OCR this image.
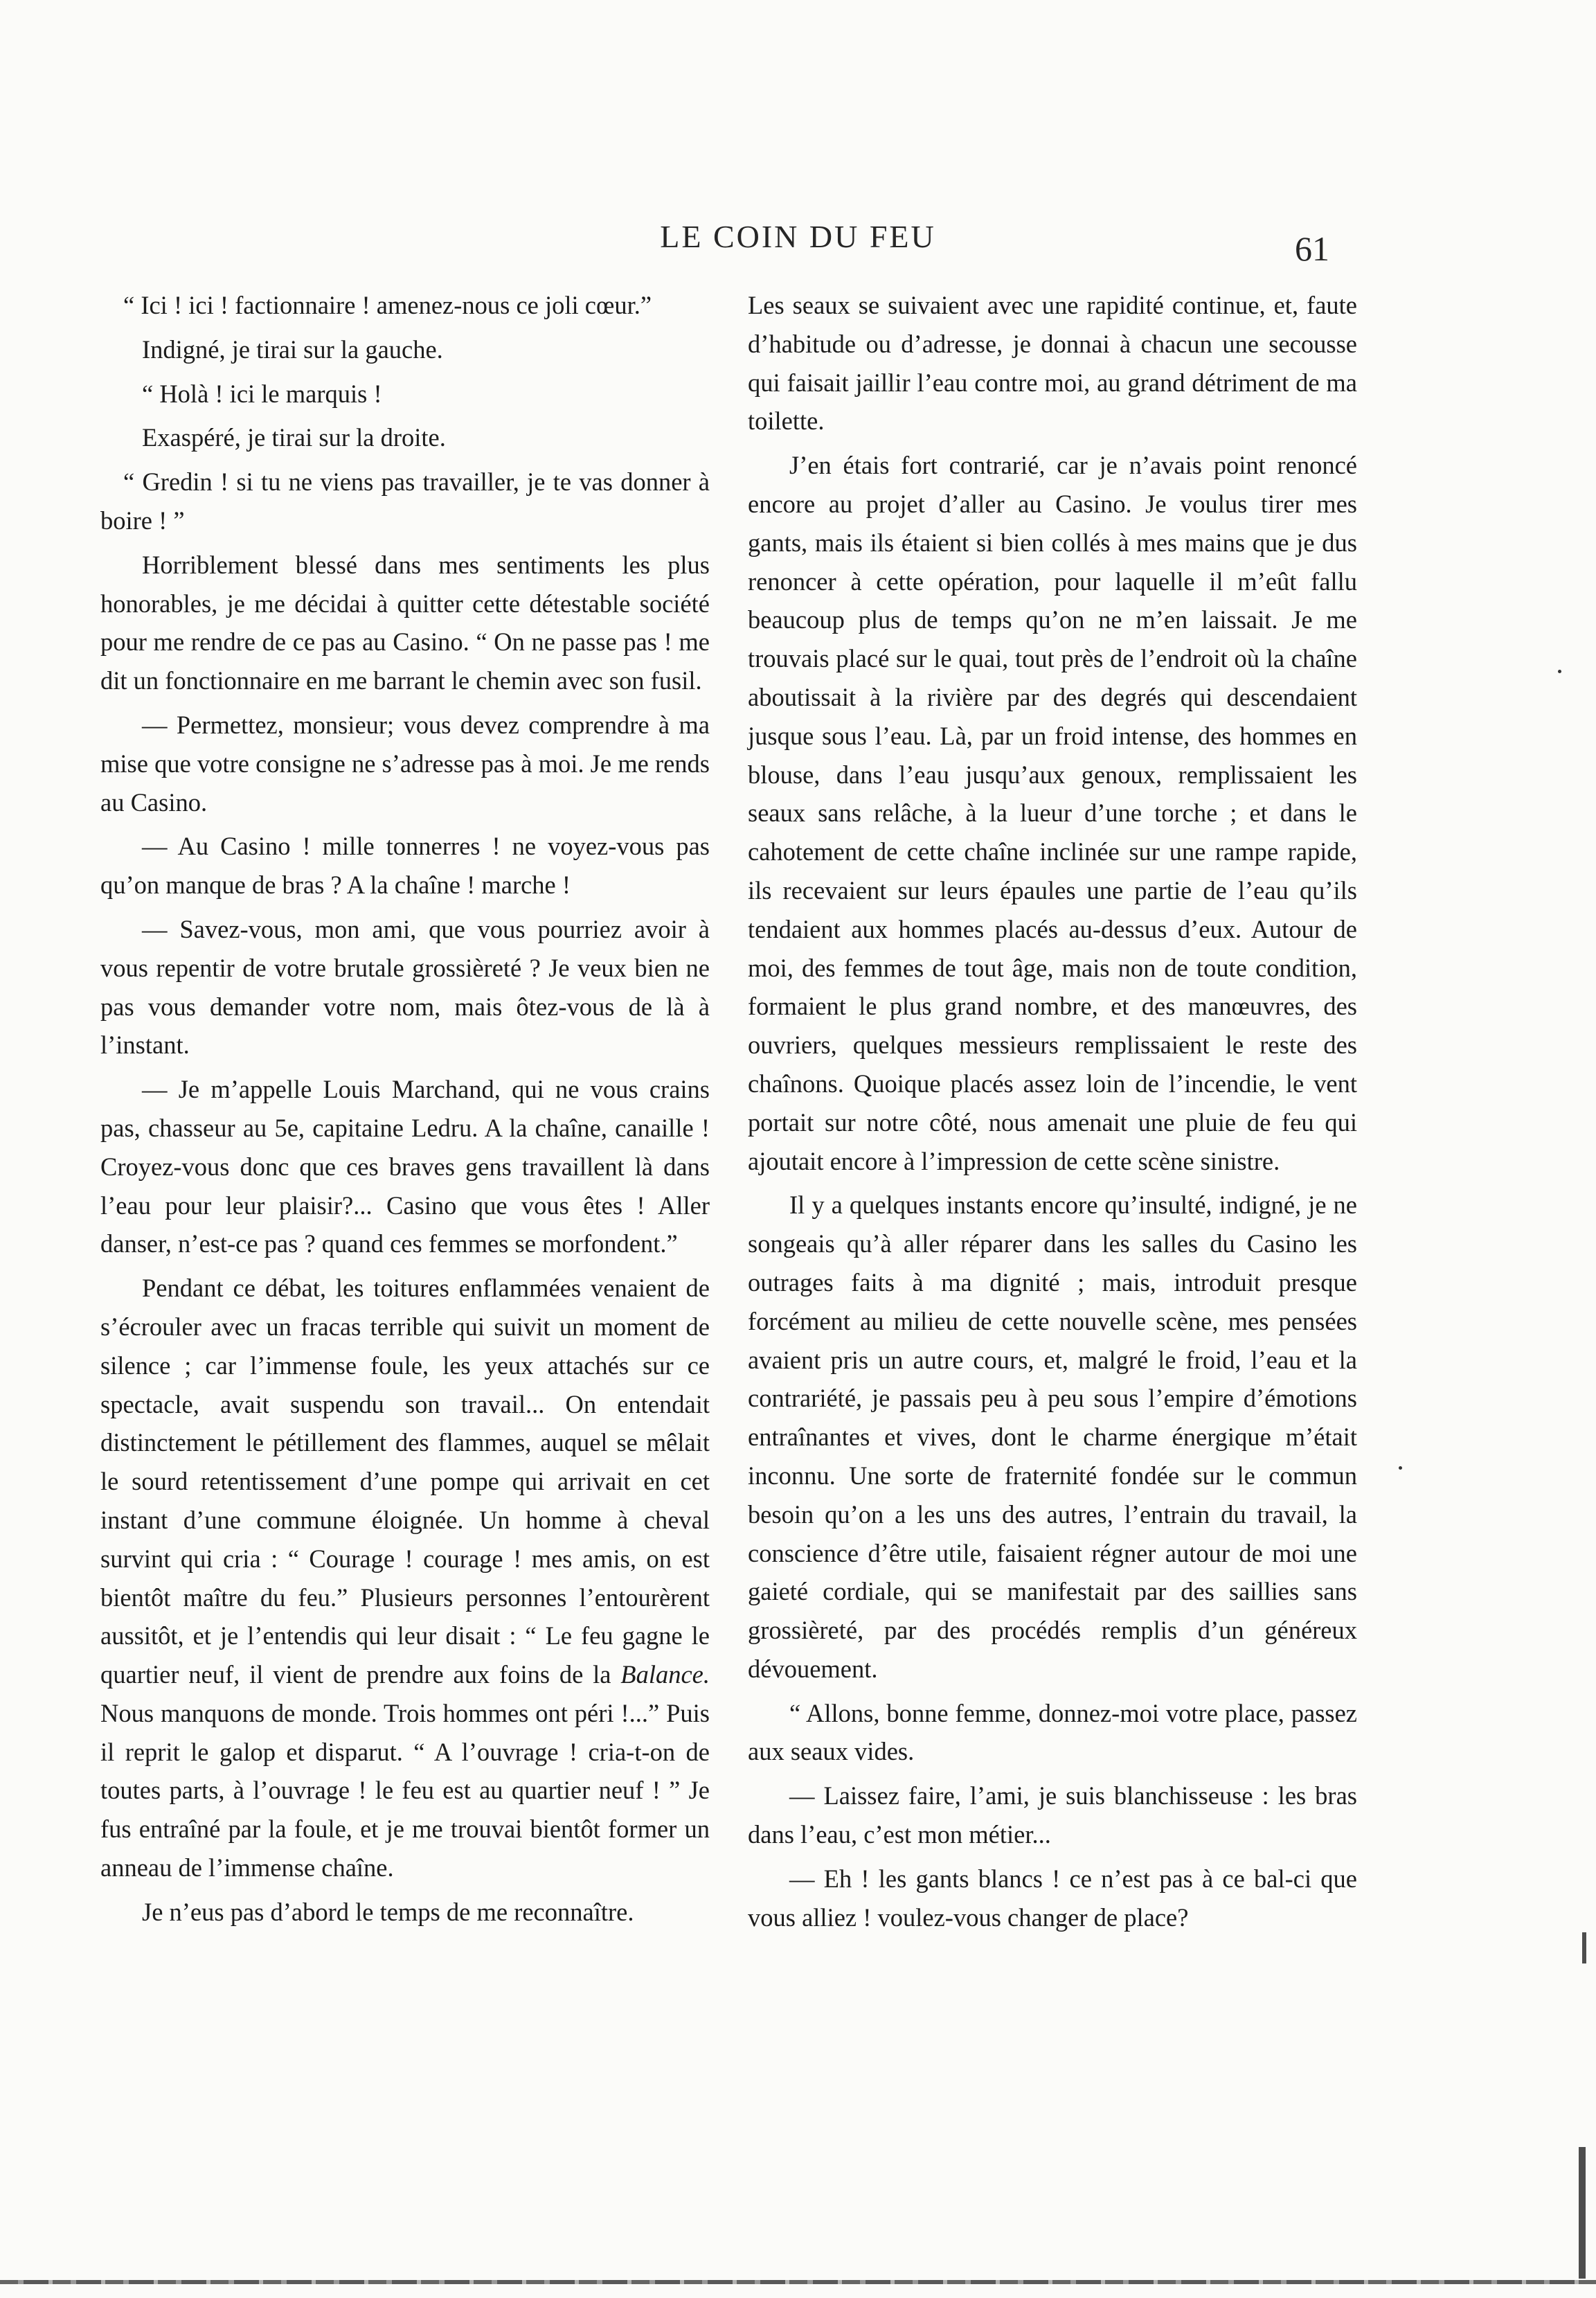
LE COIN DU FEU	61

“ Ici ! ici ! factionnaire ! amenez-nous ce joli cœur.”

Indigné, je tirai sur la gauche.

“ Holà ! ici le marquis !

Exaspéré, je tirai sur la droite.

“ Gredin ! si tu ne viens pas travailler, je te vas donner à boire ! ”

Horriblement blessé dans mes sentiments les plus honorables, je me décidai à quitter cette détestable société pour me rendre de ce pas au Casino. “ On ne passe pas ! me dit un fonctionnaire en me barrant le chemin avec son fusil.

— Permettez, monsieur; vous devez comprendre à ma mise que votre consigne ne s’adresse pas à moi. Je me rends au Casino.

— Au Casino ! mille tonnerres ! ne voyez-vous pas qu’on manque de bras ? A la chaîne ! marche !

— Savez-vous, mon ami, que vous pourriez avoir à vous repentir de votre brutale grossièreté ? Je veux bien ne pas vous demander votre nom, mais ôtez-vous de là à l’instant.

— Je m’appelle Louis Marchand, qui ne vous crains pas, chasseur au 5e, capitaine Ledru. A la chaîne, canaille ! Croyez-vous donc que ces braves gens travaillent là dans l’eau pour leur plaisir?... Casino que vous êtes ! Aller danser, n’est-ce pas ? quand ces femmes se morfondent.”

Pendant ce débat, les toitures enflammées venaient de s’écrouler avec un fracas terrible qui suivit un moment de silence ; car l’immense foule, les yeux attachés sur ce spectacle, avait suspendu son travail... On entendait distinctement le pétillement des flammes, auquel se mêlait le sourd retentissement d’une pompe qui arrivait en cet instant d’une commune éloignée. Un homme à cheval survint qui cria : “ Courage ! courage ! mes amis, on est bientôt maître du feu.” Plusieurs personnes l’entourèrent aussitôt, et je l’entendis qui leur disait : “ Le feu gagne le quartier neuf, il vient de prendre aux foins de la Balance. Nous manquons de monde. Trois hommes ont péri !...” Puis il reprit le galop et disparut. “ A l’ouvrage ! cria-t-on de toutes parts, à l’ouvrage ! le feu est au quartier neuf ! ” Je fus entraîné par la foule, et je me trouvai bientôt former un anneau de l’immense chaîne.

Je n’eus pas d’abord le temps de me reconnaître.

Les seaux se suivaient avec une rapidité continue, et, faute d’habitude ou d’adresse, je donnai à chacun une secousse qui faisait jaillir l’eau contre moi, au grand détriment de ma toilette.

J’en étais fort contrarié, car je n’avais point renoncé encore au projet d’aller au Casino. Je voulus tirer mes gants, mais ils étaient si bien collés à mes mains que je dus renoncer à cette opération, pour laquelle il m’eût fallu beaucoup plus de temps qu’on ne m’en laissait. Je me trouvais placé sur le quai, tout près de l’endroit où la chaîne aboutissait à la rivière par des degrés qui descendaient jusque sous l’eau. Là, par un froid intense, des hommes en blouse, dans l’eau jusqu’aux genoux, remplissaient les seaux sans relâche, à la lueur d’une torche ; et dans le cahotement de cette chaîne inclinée sur une rampe rapide, ils recevaient sur leurs épaules une partie de l’eau qu’ils tendaient aux hommes placés au-dessus d’eux. Autour de moi, des femmes de tout âge, mais non de toute condition, formaient le plus grand nombre, et des manœuvres, des ouvriers, quelques messieurs remplissaient le reste des chaînons. Quoique placés assez loin de l’incendie, le vent portait sur notre côté, nous amenait une pluie de feu qui ajoutait encore à l’impression de cette scène sinistre.

Il y a quelques instants encore qu’insulté, indigné, je ne songeais qu’à aller réparer dans les salles du Casino les outrages faits à ma dignité ; mais, introduit presque forcément au milieu de cette nouvelle scène, mes pensées avaient pris un autre cours, et, malgré le froid, l’eau et la contrariété, je passais peu à peu sous l’empire d’émotions entraînantes et vives, dont le charme énergique m’était inconnu. Une sorte de fraternité fondée sur le commun besoin qu’on a les uns des autres, l’entrain du travail, la conscience d’être utile, faisaient régner autour de moi une gaieté cordiale, qui se manifestait par des saillies sans grossièreté, par des procédés remplis d’un généreux dévouement.

“ Allons, bonne femme, donnez-moi votre place, passez aux seaux vides.

— Laissez faire, l’ami, je suis blanchisseuse : les bras dans l’eau, c’est mon métier...

— Eh ! les gants blancs ! ce n’est pas à ce bal-ci que vous alliez ! voulez-vous changer de place?
